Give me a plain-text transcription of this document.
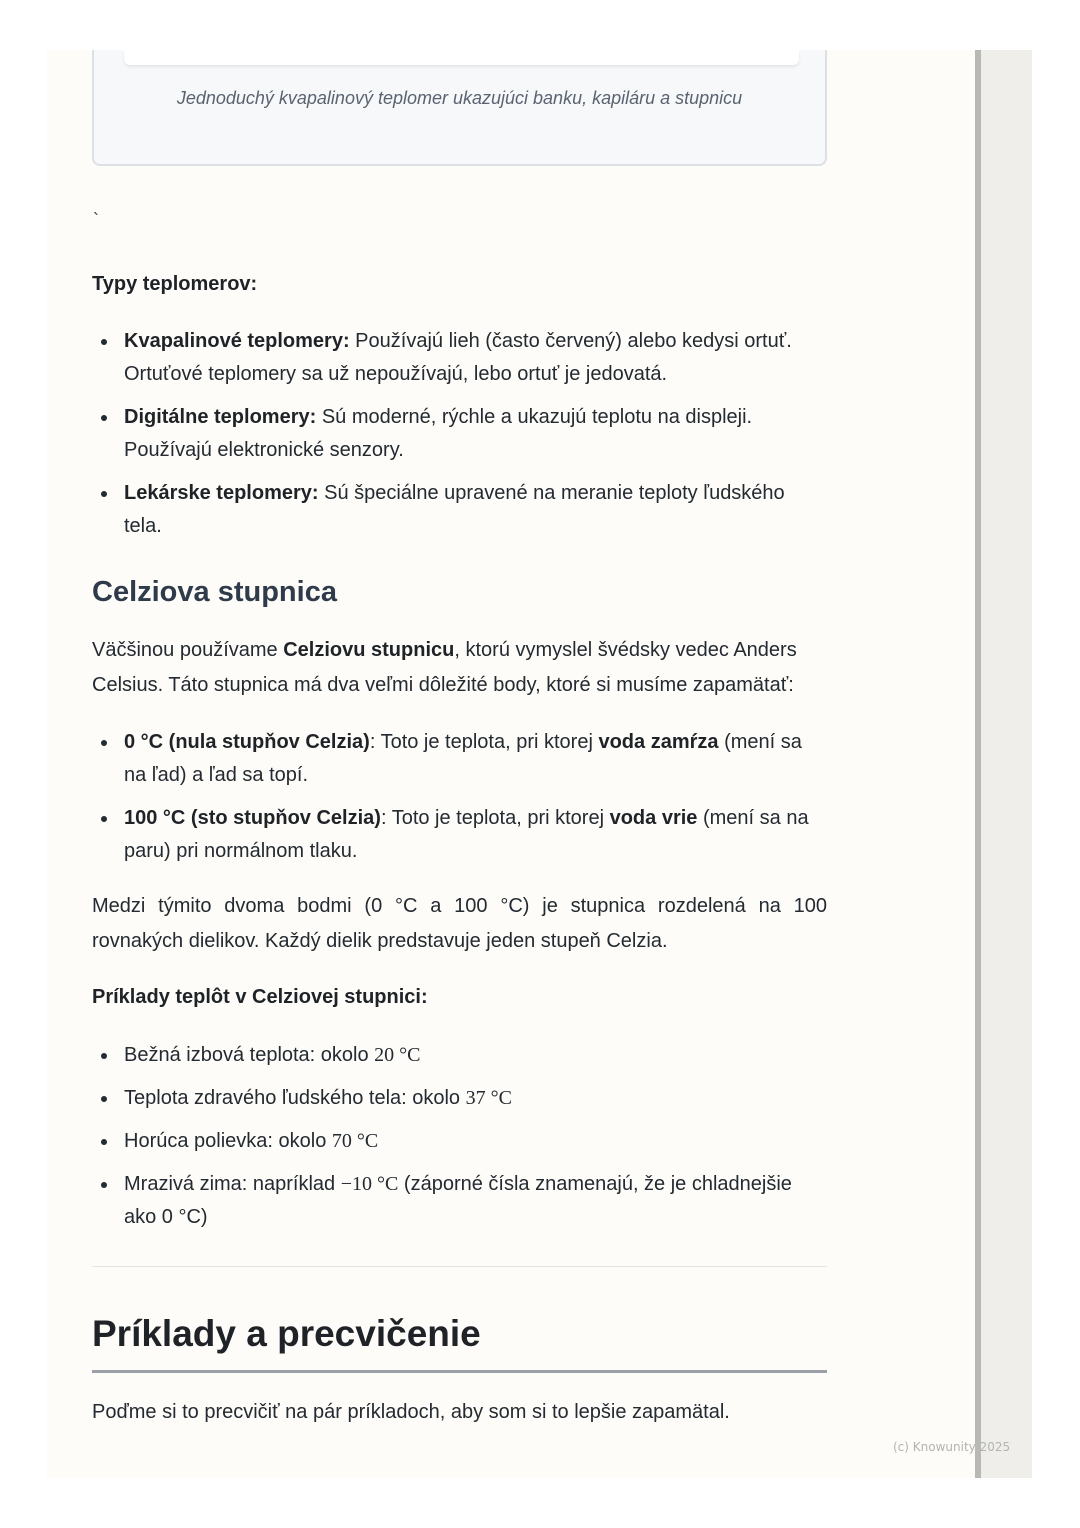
Jednoduchý kvapalinový teplomer ukazujúci banku, kapiláru a stupnicu
`
Typy teplomerov:
Kvapalinové teplomery: Používajú lieh (často červený) alebo kedysi ortuť. Ortuťové teplomery sa už nepoužívajú, lebo ortuť je jedovatá.
Digitálne teplomery: Sú moderné, rýchle a ukazujú teplotu na displeji. Používajú elektronické senzory.
Lekárske teplomery: Sú špeciálne upravené na meranie teploty ľudského tela.
Celziova stupnica

Väčšinou používame Celziovu stupnicu, ktorú vymyslel švédsky vedec Anders Celsius. Táto stupnica má dva veľmi dôležité body, ktoré si musíme zapamätať:

0 °C (nula stupňov Celzia): Toto je teplota, pri ktorej voda zamŕza (mení sa na ľad) a ľad sa topí.
100 °C (sto stupňov Celzia): Toto je teplota, pri ktorej voda vrie (mení sa na paru) pri normálnom tlaku.

Medzi týmito dvoma bodmi (0 °C a 100 °C) je stupnica rozdelená na 100 rovnakých dielikov. Každý dielik predstavuje jeden stupeň Celzia.

Príklady teplôt v Celziovej stupnici:
Bežná izbová teplota: okolo 20 °C
Teplota zdravého ľudského tela: okolo 37 °C
Horúca polievka: okolo 70 °C
Mrazivá zima: napríklad −10 °C (záporné čísla znamenajú, že je chladnejšie ako 0 °C)
Príklady a precvičenie

Poďme si to precvičiť na pár príkladoch, aby som si to lepšie zapamätal.

(c) Knowunity 2025
